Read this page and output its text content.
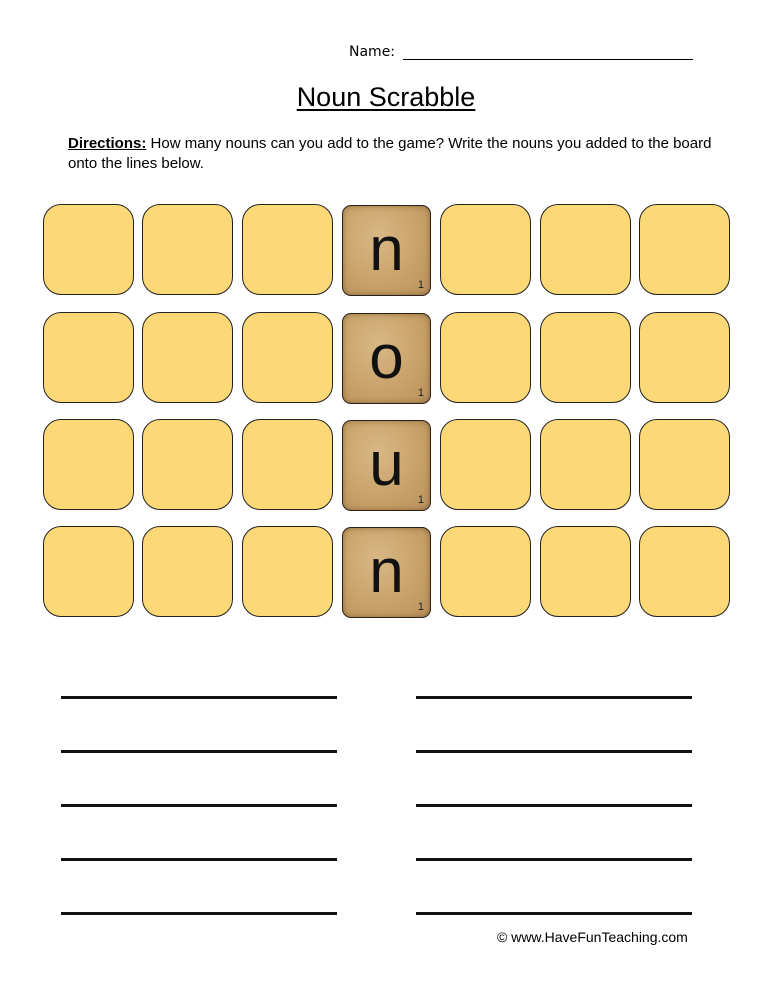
Name:
Noun Scrabble
Directions: How many nouns can you add to the game? Write the nouns you added to the board onto the lines below.
n
1
o
1
u
1
n
1
© www.HaveFunTeaching.com
